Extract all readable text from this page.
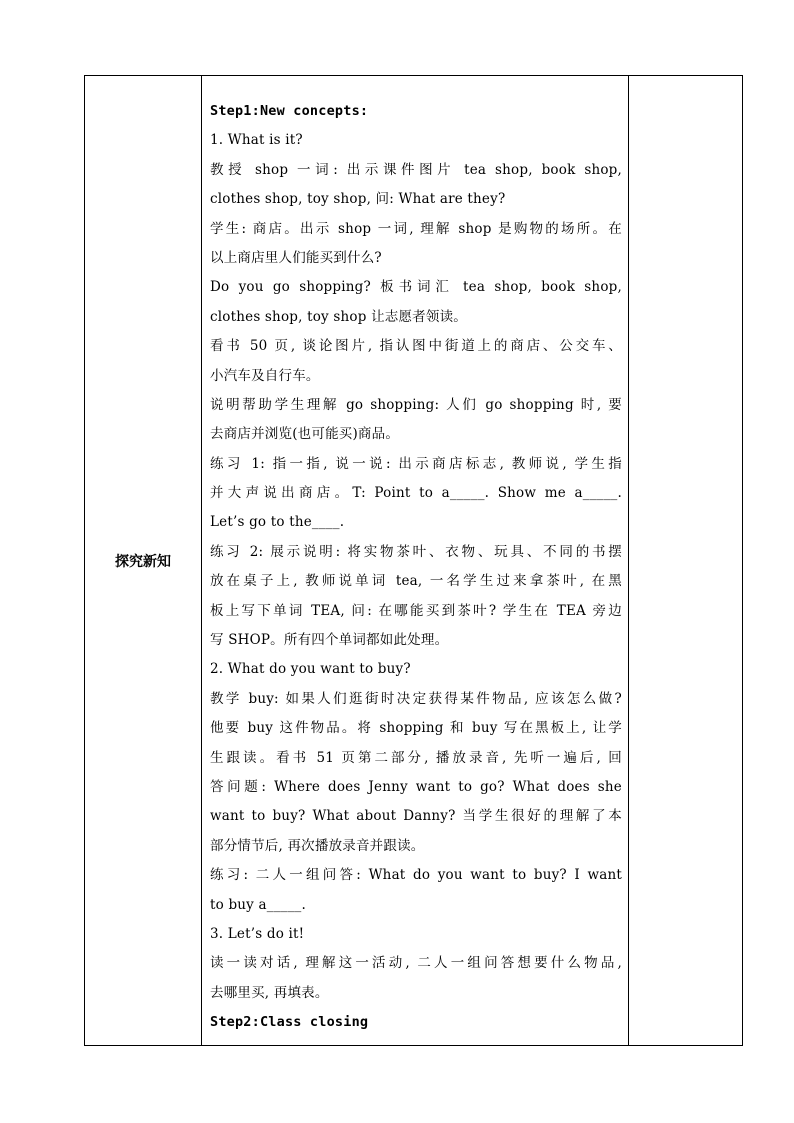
探究新知	
Step1:New concepts:
1. What is it?
教授 shop 一词: 出示课件图片 tea shop, book shop,
clothes shop, toy shop, 问: What are they?
学生: 商店。出示 shop 一词, 理解 shop 是购物的场所。在
以上商店里人们能买到什么?
Do you go shopping? 板书词汇 tea shop, book shop,
clothes shop, toy shop 让志愿者领读。
看书 50 页, 谈论图片, 指认图中街道上的商店、公交车、
小汽车及自行车。
说明帮助学生理解 go shopping: 人们 go shopping 时, 要
去商店并浏览(也可能买)商品。
练习 1: 指一指, 说一说: 出示商店标志, 教师说, 学生指
并大声说出商店。T: Point to a_____. Show me a_____.
Let’s go to the____.
练习 2: 展示说明: 将实物茶叶、衣物、玩具、不同的书摆
放在桌子上, 教师说单词 tea, 一名学生过来拿茶叶, 在黑
板上写下单词 TEA, 问: 在哪能买到茶叶? 学生在 TEA 旁边
写 SHOP。所有四个单词都如此处理。
2. What do you want to buy?
教学 buy: 如果人们逛街时决定获得某件物品, 应该怎么做?
他要 buy 这件物品。将 shopping 和 buy 写在黑板上, 让学
生跟读。看书 51 页第二部分, 播放录音, 先听一遍后, 回
答问题: Where does Jenny want to go? What does she
want to buy? What about Danny? 当学生很好的理解了本
部分情节后, 再次播放录音并跟读。
练习: 二人一组问答: What do you want to buy? I want
to buy a_____.
3. Let’s do it!
读一读对话, 理解这一活动, 二人一组问答想要什么物品,
去哪里买, 再填表。
Step2:Class closing
